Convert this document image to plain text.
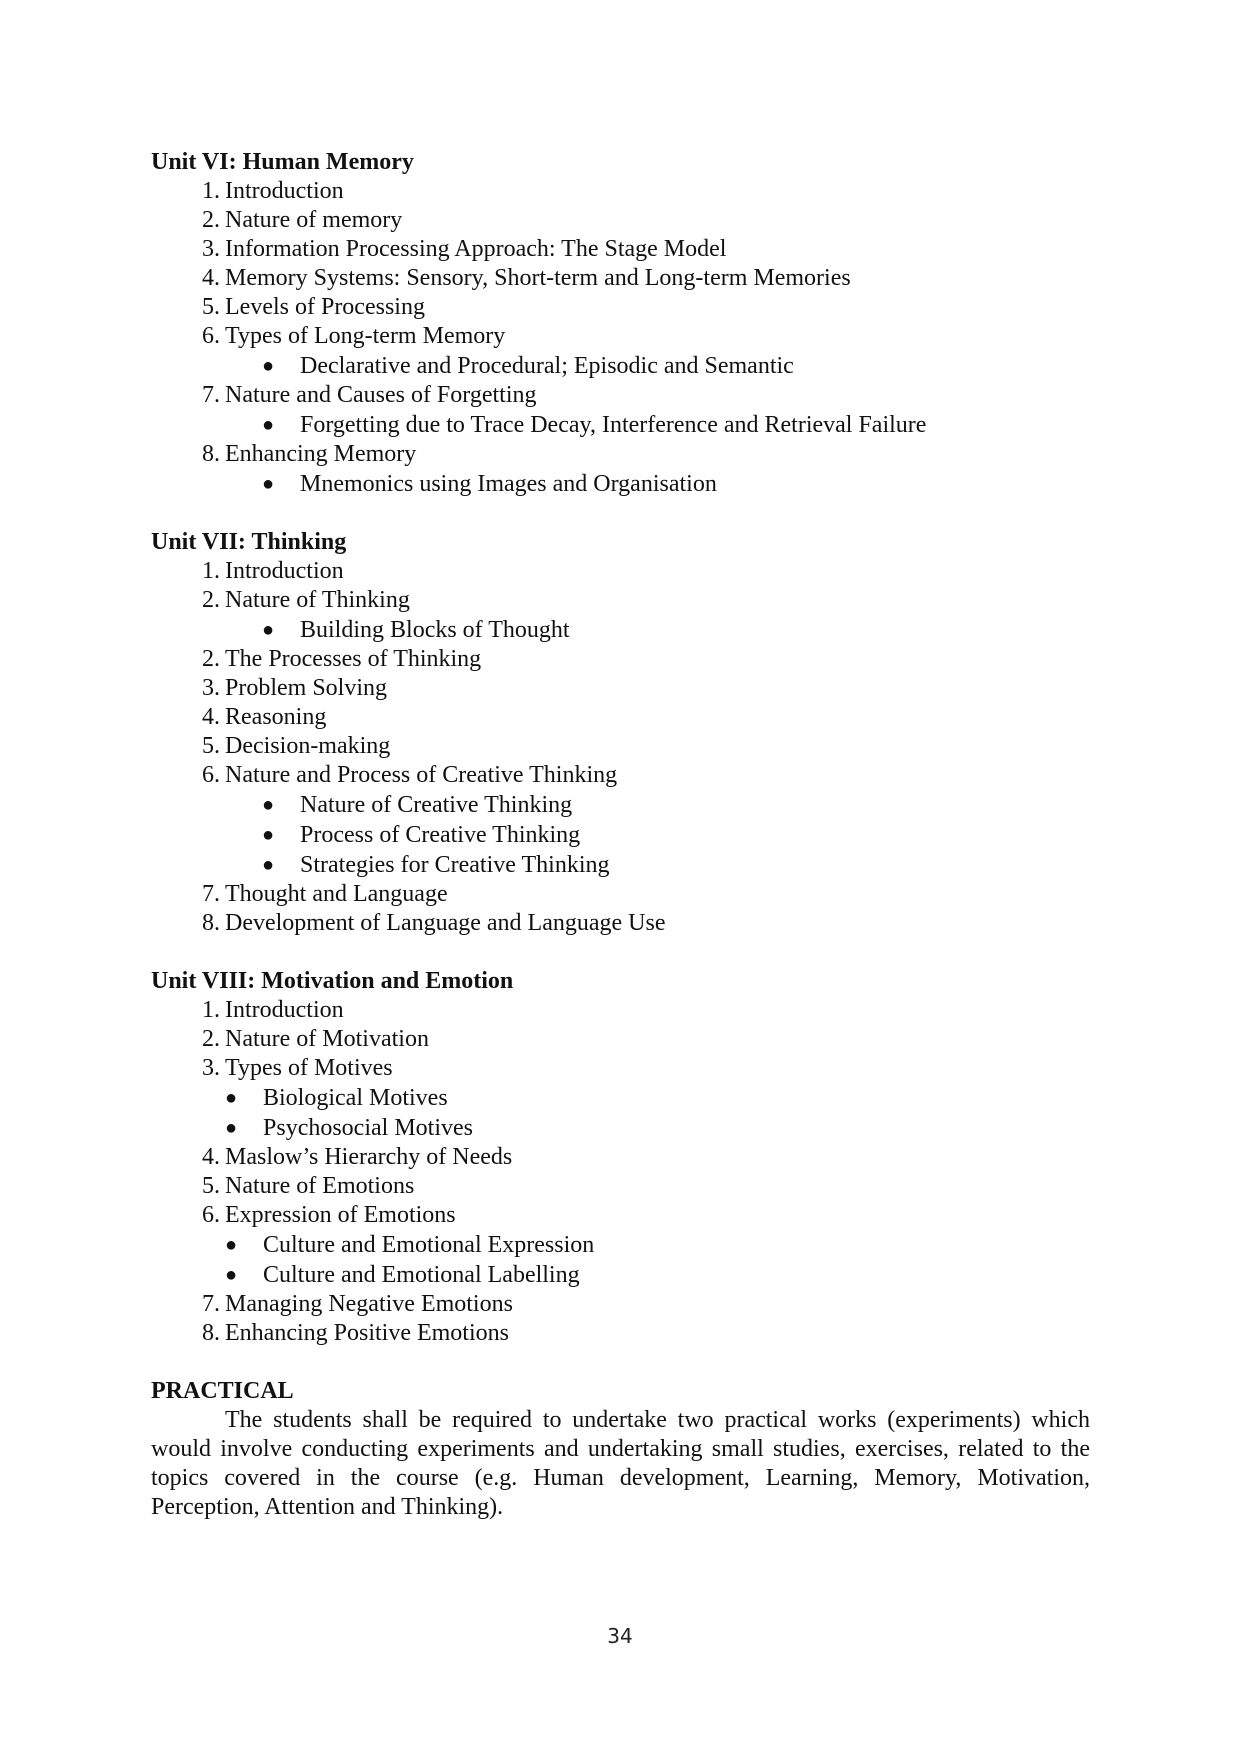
Unit VI: Human Memory
1. Introduction
2. Nature of memory
3. Information Processing Approach: The Stage Model
4. Memory Systems: Sensory, Short-term and Long-term Memories
5. Levels of Processing
6. Types of Long-term Memory
● Declarative and Procedural; Episodic and Semantic
7. Nature and Causes of Forgetting
● Forgetting due to Trace Decay, Interference and Retrieval Failure
8. Enhancing Memory
● Mnemonics using Images and Organisation
Unit VII: Thinking
1. Introduction
2. Nature of Thinking
● Building Blocks of Thought
2. The Processes of Thinking
3. Problem Solving
4. Reasoning
5. Decision-making
6. Nature and Process of Creative Thinking
● Nature of Creative Thinking
● Process of Creative Thinking
● Strategies for Creative Thinking
7. Thought and Language
8. Development of Language and Language Use
Unit VIII: Motivation and Emotion
1. Introduction
2. Nature of Motivation
3. Types of Motives
● Biological Motives
● Psychosocial Motives
4. Maslow’s Hierarchy of Needs
5. Nature of Emotions
6. Expression of Emotions
● Culture and Emotional Expression
● Culture and Emotional Labelling
7. Managing Negative Emotions
8. Enhancing Positive Emotions
PRACTICAL

The students shall be required to undertake two practical works (experiments) which would involve conducting experiments and undertaking small studies, exercises, related to the topics covered in the course (e.g. Human development, Learning, Memory, Motivation, Perception, Attention and Thinking).

34
